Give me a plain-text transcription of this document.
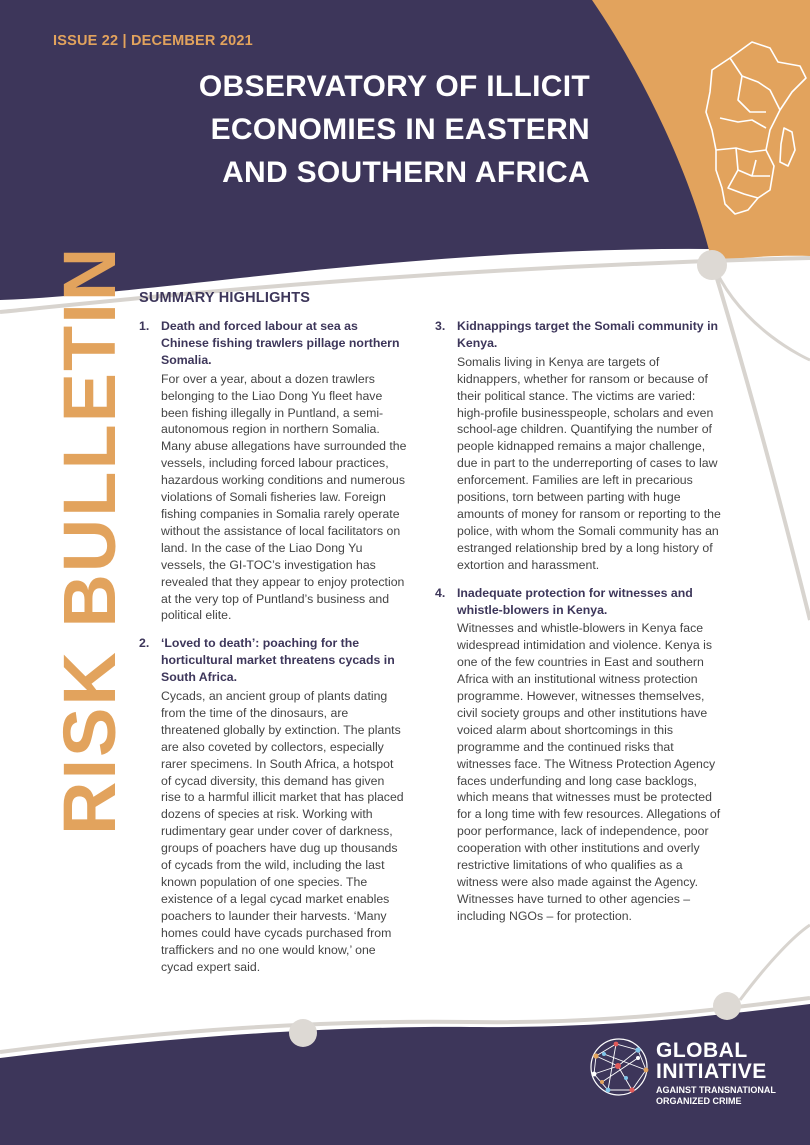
ISSUE 22 | DECEMBER 2021
OBSERVATORY OF ILLICIT
ECONOMIES IN EASTERN
AND SOUTHERN AFRICA
RISK BULLETIN SUMMARY HIGHLIGHTS
1. Death and forced labour at sea as Chinese fishing trawlers pillage northern Somalia.
For over a year, about a dozen trawlers belonging to the Liao Dong Yu fleet have been fishing illegally in Puntland, a semi-autonomous region in northern Somalia. Many abuse allegations have surrounded the vessels, including forced labour practices, hazardous working conditions and numerous violations of Somali fisheries law. Foreign fishing companies in Somalia rarely operate without the assistance of local facilitators on land. In the case of the Liao Dong Yu vessels, the GI-TOC’s investigation has revealed that they appear to enjoy protection at the very top of Puntland’s business and political elite.
2. ‘Loved to death’: poaching for the horticultural market threatens cycads in South Africa.
Cycads, an ancient group of plants dating from the time of the dinosaurs, are threatened globally by extinction. The plants are also coveted by collectors, especially rarer specimens. In South Africa, a hotspot of cycad diversity, this demand has given rise to a harmful illicit market that has placed dozens of species at risk. Working with rudimentary gear under cover of darkness, groups of poachers have dug up thousands of cycads from the wild, including the last known population of one species. The existence of a legal cycad market enables poachers to launder their harvests. ‘Many homes could have cycads purchased from traffickers and no one would know,’ one cycad expert said.
3. Kidnappings target the Somali community in Kenya.
Somalis living in Kenya are targets of kidnappers, whether for ransom or because of their political stance. The victims are varied: high-profile businesspeople, scholars and even school-age children. Quantifying the number of people kidnapped remains a major challenge, due in part to the underreporting of cases to law enforcement. Families are left in precarious positions, torn between parting with huge amounts of money for ransom or reporting to the police, with whom the Somali community has an estranged relationship bred by a long history of extortion and harassment.
4. Inadequate protection for witnesses and whistle-blowers in Kenya.
Witnesses and whistle-blowers in Kenya face widespread intimidation and violence. Kenya is one of the few countries in East and southern Africa with an institutional witness protection programme. However, witnesses themselves, civil society groups and other institutions have voiced alarm about shortcomings in this programme and the continued risks that witnesses face. The Witness Protection Agency faces underfunding and long case backlogs, which means that witnesses must be protected for a long time with few resources. Allegations of poor performance, lack of independence, poor cooperation with other institutions and overly restrictive limitations of who qualifies as a witness were also made against the Agency. Witnesses have turned to other agencies – including NGOs – for protection.
GLOBAL
INITIATIVE
AGAINST TRANSNATIONAL
ORGANIZED CRIME
